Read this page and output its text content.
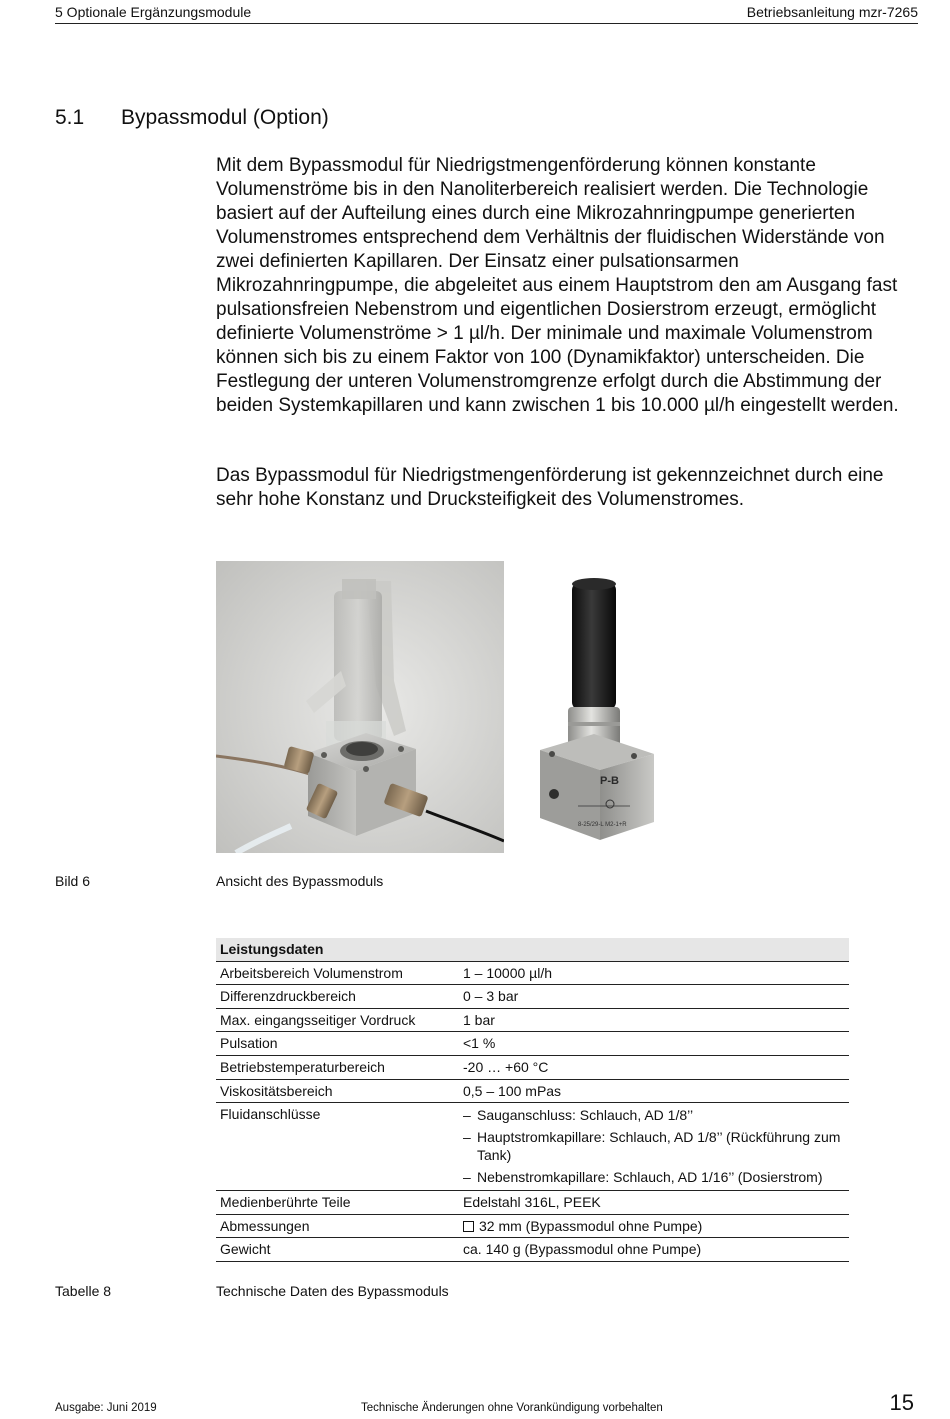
5 Optionale Ergänzungsmodule	Betriebsanleitung mzr-7265
5.1 Bypassmodul (Option)
Mit dem Bypassmodul für Niedrigstmengenförderung können konstante Volumenströme bis in den Nanoliterbereich realisiert werden. Die Technologie basiert auf der Aufteilung eines durch eine Mikrozahnringpumpe generierten Volumenstromes entsprechend dem Verhältnis der fluidischen Widerstände von zwei definierten Kapillaren. Der Einsatz einer pulsationsarmen Mikrozahnringpumpe, die abgeleitet aus einem Hauptstrom den am Ausgang fast pulsationsfreien Nebenstrom und eigentlichen Dosierstrom erzeugt, ermöglicht definierte Volumenströme > 1 µl/h. Der minimale und maximale Volumenstrom können sich bis zu einem Faktor von 100 (Dynamikfaktor) unterscheiden. Die Festlegung der unteren Volumenstromgrenze erfolgt durch die Abstimmung der beiden Systemkapillaren und kann zwischen 1 bis 10.000 µl/h eingestellt werden.
Das Bypassmodul für Niedrigstmengenförderung ist gekennzeichnet durch eine sehr hohe Konstanz und Drucksteifigkeit des Volumenstromes.
P-B
8-25/29-L M2-1+R
Bild 6	Ansicht des Bypassmoduls
Leistungsdaten	
Arbeitsbereich Volumenstrom	1 – 10000 µl/h
Differenzdruckbereich	0 – 3 bar
Max. eingangsseitiger Vordruck	1 bar
Pulsation	<1 %
Betriebstemperaturbereich	-20 … +60 °C
Viskositätsbereich	0,5 – 100 mPas
Fluidanschlüsse	– Sauganschluss: Schlauch, AD 1/8’’
– Hauptstromkapillare: Schlauch, AD 1/8’’ (Rückführung zum Tank)
– Nebenstromkapillare: Schlauch, AD 1/16’’ (Dosierstrom)

Medienberührte Teile	Edelstahl 316L, PEEK
Abmessungen	32 mm (Bypassmodul ohne Pumpe)
Gewicht	ca. 140 g (Bypassmodul ohne Pumpe)
Tabelle 8	Technische Daten des Bypassmoduls
Ausgabe: Juni 2019	Technische Änderungen ohne Vorankündigung vorbehalten	15
